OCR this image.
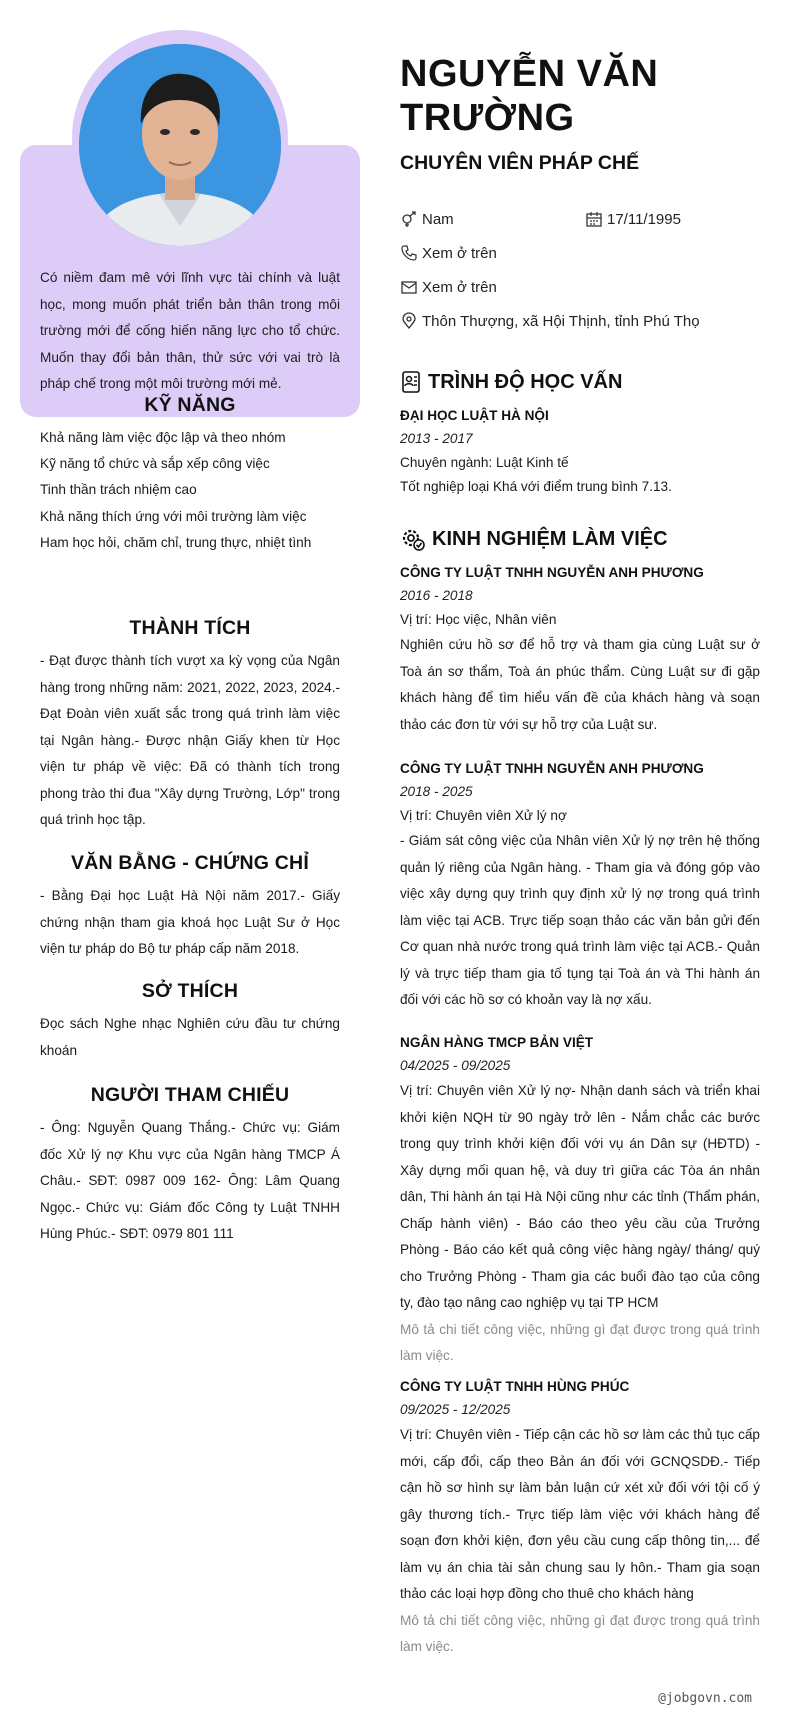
Có niềm đam mê với lĩnh vực tài chính và luật học, mong muốn phát triển bản thân trong môi trường mới để cống hiến năng lực cho tổ chức. Muốn thay đổi bản thân, thử sức với vai trò là pháp chế trong một môi trường mới mẻ.
KỸ NĂNG
Khả năng làm việc độc lập và theo nhóm
Kỹ năng tổ chức và sắp xếp công việc
Tinh thần trách nhiệm cao
Khả năng thích ứng với môi trường làm việc
Ham học hỏi, chăm chỉ, trung thực, nhiệt tình
THÀNH TÍCH
- Đạt được thành tích vượt xa kỳ vọng của Ngân hàng trong những năm: 2021, 2022, 2023, 2024.- Đạt Đoàn viên xuất sắc trong quá trình làm việc tại Ngân hàng.- Được nhận Giấy khen từ Học viện tư pháp về việc: Đã có thành tích trong phong trào thi đua "Xây dựng Trường, Lớp" trong quá trình học tập.
VĂN BẰNG - CHỨNG CHỈ
- Bằng Đại học Luật Hà Nội năm 2017.- Giấy chứng nhận tham gia khoá học Luật Sư ở Học viện tư pháp do Bộ tư pháp cấp năm 2018.
SỞ THÍCH
Đọc sách Nghe nhạc Nghiên cứu đầu tư chứng khoán
NGƯỜI THAM CHIẾU
- Ông: Nguyễn Quang Thắng.- Chức vụ: Giám đốc Xử lý nợ Khu vực của Ngân hàng TMCP Á Châu.- SĐT: 0987 009 162- Ông: Lâm Quang Ngọc.- Chức vụ: Giám đốc Công ty Luật TNHH Hùng Phúc.- SĐT: 0979 801 111
NGUYỄN VĂN
TRƯỜNG
CHUYÊN VIÊN PHÁP CHẾ
Nam	17/11/1995
Xem ở trên
Xem ở trên
Thôn Thượng, xã Hội Thịnh, tỉnh Phú Thọ
TRÌNH ĐỘ HỌC VẤN
ĐẠI HỌC LUẬT HÀ NỘI
2013 - 2017
Chuyên ngành: Luật Kinh tế
Tốt nghiệp loại Khá với điểm trung bình 7.13.
KINH NGHIỆM LÀM VIỆC
CÔNG TY LUẬT TNHH NGUYỄN ANH PHƯƠNG
2016 - 2018
Vị trí: Học việc, Nhân viên
Nghiên cứu hồ sơ để hỗ trợ và tham gia cùng Luật sư ở Toà án sơ thẩm, Toà án phúc thẩm. Cùng Luật sư đi gặp khách hàng để tìm hiểu vấn đề của khách hàng và soạn thảo các đơn từ với sự hỗ trợ của Luật sư.
CÔNG TY LUẬT TNHH NGUYỄN ANH PHƯƠNG
2018 - 2025
Vị trí: Chuyên viên Xử lý nợ
- Giám sát công việc của Nhân viên Xử lý nợ trên hệ thống quản lý riêng của Ngân hàng. - Tham gia và đóng góp vào việc xây dựng quy trình quy định xử lý nợ trong quá trình làm việc tại ACB. Trực tiếp soạn thảo các văn bản gửi đến Cơ quan nhà nước trong quá trình làm việc tại ACB.- Quản lý và trực tiếp tham gia tố tụng tại Toà án và Thi hành án đối với các hồ sơ có khoản vay là nợ xấu.
NGÂN HÀNG TMCP BẢN VIỆT
04/2025 - 09/2025
Vị trí: Chuyên viên Xử lý nợ- Nhận danh sách và triển khai khởi kiện NQH từ 90 ngày trở lên - Nắm chắc các bước trong quy trình khởi kiện đối với vụ án Dân sự (HĐTD) - Xây dựng mối quan hệ, và duy trì giữa các Tòa án nhân dân, Thi hành án tại Hà Nội cũng như các tỉnh (Thẩm phán, Chấp hành viên) - Báo cáo theo yêu cầu của Trưởng Phòng - Báo cáo kết quả công việc hàng ngày/ tháng/ quý cho Trưởng Phòng - Tham gia các buổi đào tạo của công ty, đào tạo nâng cao nghiệp vụ tại TP HCM
Mô tả chi tiết công việc, những gì đạt được trong quá trình làm việc.
CÔNG TY LUẬT TNHH HÙNG PHÚC
09/2025 - 12/2025
Vị trí: Chuyên viên - Tiếp cận các hồ sơ làm các thủ tục cấp mới, cấp đổi, cấp theo Bản án đối với GCNQSDĐ.- Tiếp cận hồ sơ hình sự làm bản luận cứ xét xử đối với tội cố ý gây thương tích.- Trực tiếp làm việc với khách hàng để soạn đơn khởi kiện, đơn yêu cầu cung cấp thông tin,... để làm vụ án chia tài sản chung sau ly hôn.- Tham gia soạn thảo các loại hợp đồng cho thuê cho khách hàng
Mô tả chi tiết công việc, những gì đạt được trong quá trình làm việc.
@jobgovn.com
